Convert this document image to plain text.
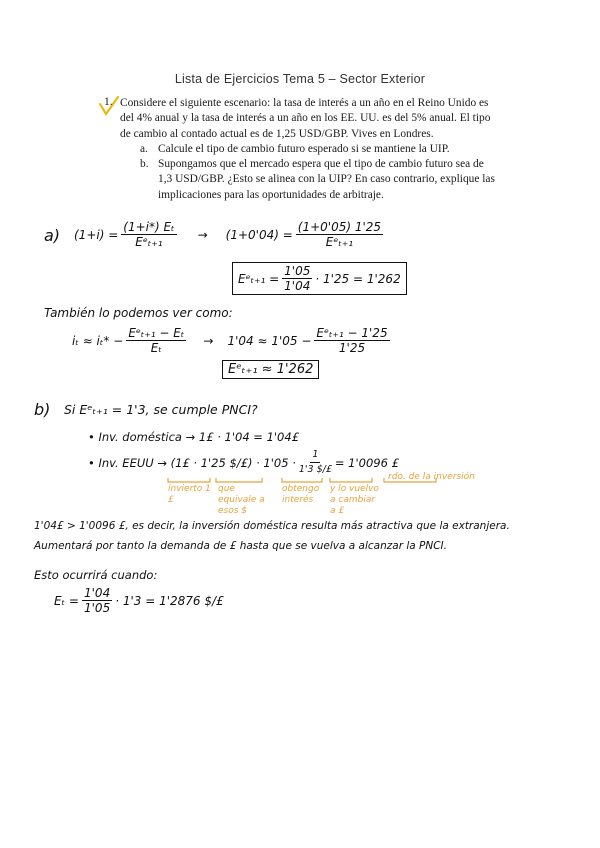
Lista de Ejercicios Tema 5 – Sector Exterior
1. Considere el siguiente escenario: la tasa de interés a un año en el Reino Unido es
del 4% anual y la tasa de interés a un año en los EE. UU. es del 5% anual. El tipo
de cambio al contado actual es de 1,25 USD/GBP. Vives en Londres.
a. Calcule el tipo de cambio futuro esperado si se mantiene la UIP.
b. Supongamos que el mercado espera que el tipo de cambio futuro sea de
1,3 USD/GBP. ¿Esto se alinea con la UIP? En caso contrario, explique las
implicaciones para las oportunidades de arbitraje.
a) $(1+i) = \frac{\text{(1+i*) Eₜ}}{\text{Eᵉₜ₊₁}} \to (1+0'04) = \frac{(1+0'05) 1'25}{\text{Eᵉₜ₊₁}}$
Eᵉₜ₊₁ = $\frac{1'05}{1'04} \cdot 1'25 = 1'262$
También lo podemos ver como:
$i_t \approx i_t* - \frac{\text{Eᵉₜ₊₁ − Eₜ}}{\text{Eₜ}} \to 1'04 \approx 1'05 - \frac{\text{Eᵉₜ₊₁ − 1'25}}{1'25}$
Eᵉₜ₊₁ ≈ 1'262
b) Si Eᵉₜ₊₁ = 1'3, se cumple PNCI?
• Inv. doméstica → 1£ · 1'04 = 1'04£
• Inv. EEUU → (1£ · 1'25 $/£) · $1'05 \cdot \frac{1}{1'3 \$/£} = 1'0096$ £
invierto 1 £
que equivale a esos $
obtengo interés
y lo vuelvo a cambiar a £
rdo. de la inversión
1'04£ > 1'0096 £, es decir, la inversión doméstica resulta más atractiva que la extranjera.
Aumentará por tanto la demanda de £ hasta que se vuelva a alcanzar la PNCI.
Esto ocurrirá cuando:
$E_t = \frac{1'04}{1'05} \cdot 1'3 = 1'2876$ $/£
